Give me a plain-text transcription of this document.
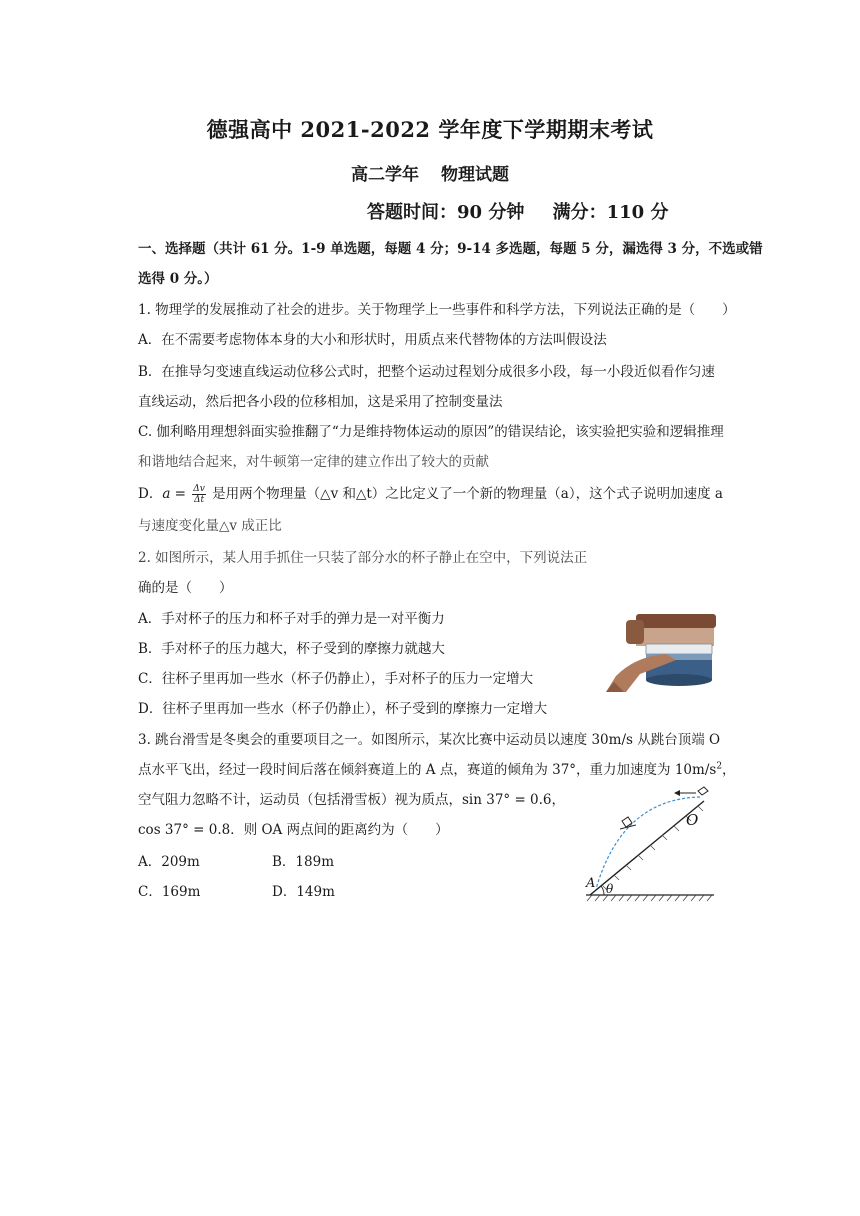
德强高中 2021-2022 学年度下学期期末考试
高二学年 物理试题
答题时间：90 分钟 满分：110 分
一、选择题（共计 61 分。1-9 单选题，每题 4 分；9-14 多选题，每题 5 分，漏选得 3 分，不选或错
选得 0 分。）
1. 物理学的发展推动了社会的进步。关于物理学上一些事件和科学方法，下列说法正确的是（　　）
A．在不需要考虑物体本身的大小和形状时，用质点来代替物体的方法叫假设法
B．在推导匀变速直线运动位移公式时，把整个运动过程划分成很多小段，每一小段近似看作匀速
直线运动，然后把各小段的位移相加，这是采用了控制变量法
C. 伽利略用理想斜面实验推翻了“力是维持物体运动的原因”的错误结论，该实验把实验和逻辑推理
和谐地结合起来，对牛顿第一定律的建立作出了较大的贡献
D．$a = \frac{\Delta v}{\Delta t}$ 是用两个物理量（△v 和△t）之比定义了一个新的物理量（a），这个式子说明加速度 a
与速度变化量△v 成正比
2. 如图所示，某人用手抓住一只装了部分水的杯子静止在空中，下列说法正
确的是（　　）
A．手对杯子的压力和杯子对手的弹力是一对平衡力
B．手对杯子的压力越大，杯子受到的摩擦力就越大
C．往杯子里再加一些水（杯子仍静止），手对杯子的压力一定增大
D．往杯子里再加一些水（杯子仍静止），杯子受到的摩擦力一定增大
3. 跳台滑雪是冬奥会的重要项目之一。如图所示，某次比赛中运动员以速度 30m/s 从跳台顶端 O
点水平飞出，经过一段时间后落在倾斜赛道上的 A 点，赛道的倾角为 37°，重力加速度为 $10m/s^2$，
空气阻力忽略不计，运动员（包括滑雪板）视为质点，sin 37° = 0.6，
cos 37° = 0.8．则 OA 两点间的距离约为（　　）
A．209m	B．189m
C．169m	D．149m
O
A θ
